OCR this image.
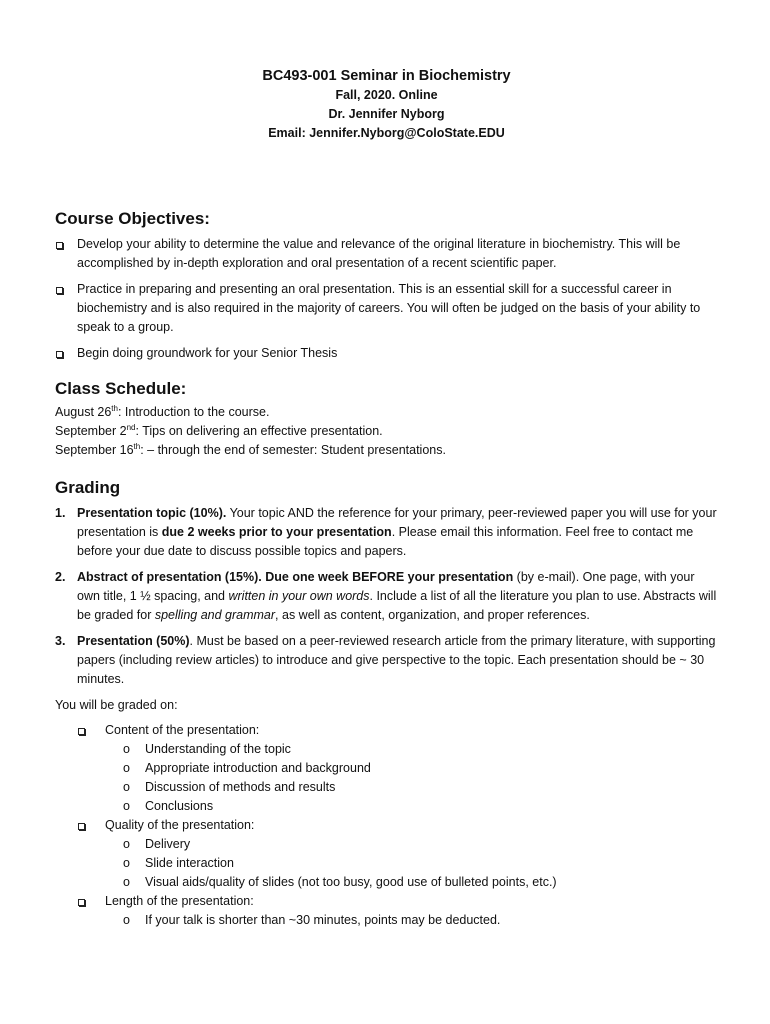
BC493-001 Seminar in Biochemistry
Fall, 2020. Online
Dr. Jennifer Nyborg
Email: Jennifer.Nyborg@ColoState.EDU
Course Objectives:
Develop your ability to determine the value and relevance of the original literature in biochemistry. This will be accomplished by in-depth exploration and oral presentation of a recent scientific paper.
Practice in preparing and presenting an oral presentation. This is an essential skill for a successful career in biochemistry and is also required in the majority of careers. You will often be judged on the basis of your ability to speak to a group.
Begin doing groundwork for your Senior Thesis
Class Schedule:
August 26th: Introduction to the course.
September 2nd: Tips on delivering an effective presentation.
September 16th: – through the end of semester: Student presentations.
Grading
1. Presentation topic (10%). Your topic AND the reference for your primary, peer-reviewed paper you will use for your presentation is due 2 weeks prior to your presentation. Please email this information. Feel free to contact me before your due date to discuss possible topics and papers.
2. Abstract of presentation (15%). Due one week BEFORE your presentation (by e-mail). One page, with your own title, 1 ½ spacing, and written in your own words. Include a list of all the literature you plan to use. Abstracts will be graded for spelling and grammar, as well as content, organization, and proper references.
3. Presentation (50%). Must be based on a peer-reviewed research article from the primary literature, with supporting papers (including review articles) to introduce and give perspective to the topic. Each presentation should be ~ 30 minutes.
You will be graded on:
Content of the presentation:
o Understanding of the topic
o Appropriate introduction and background
o Discussion of methods and results
o Conclusions
Quality of the presentation:
o Delivery
o Slide interaction
o Visual aids/quality of slides (not too busy, good use of bulleted points, etc.)
Length of the presentation:
o If your talk is shorter than ~30 minutes, points may be deducted.
